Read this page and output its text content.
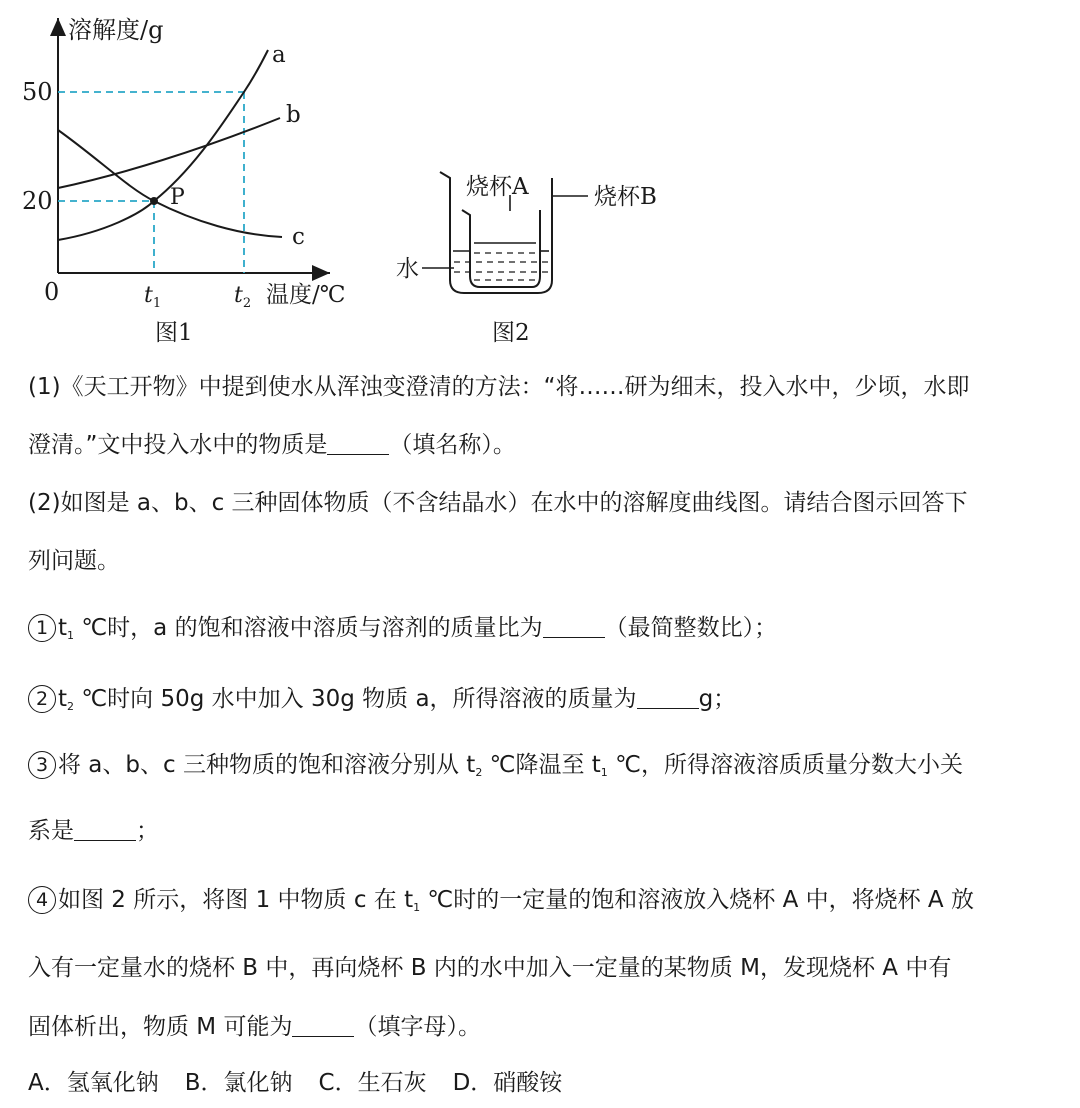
溶解度/g
a
b
c
P
50
20
0	$t_1$	$t_2$ 温度/℃
图1
烧杯A	烧杯B
水
图2
(1)《天工开物》中提到使水从浑浊变澄清的方法：“将……研为细末，投入水中，少顷，水即
澄清。”文中投入水中的物质是	（填名称）。
(2)如图是 a、b、c 三种固体物质（不含结晶水）在水中的溶解度曲线图。请结合图示回答下
列问题。
1 $t_1$ ℃时，a 的饱和溶液中溶质与溶剂的质量比为	（最简整数比）；
2 $t_2$ ℃时向 50g 水中加入 30g 物质 a，所得溶液的质量为	g；
3 将 a、b、c 三种物质的饱和溶液分别从 $t_2$ ℃降温至 $t_1$ ℃，所得溶液溶质质量分数大小关
系是	；
4 如图 2 所示，将图 1 中物质 c 在 $t_1$ ℃时的一定量的饱和溶液放入烧杯 A 中，将烧杯 A 放
入有一定量水的烧杯 B 中，再向烧杯 B 内的水中加入一定量的某物质 M，发现烧杯 A 中有
固体析出，物质 M 可能为	（填字母）。
A．氢氧化钠 B．氯化钠 C．生石灰 D．硝酸铵
